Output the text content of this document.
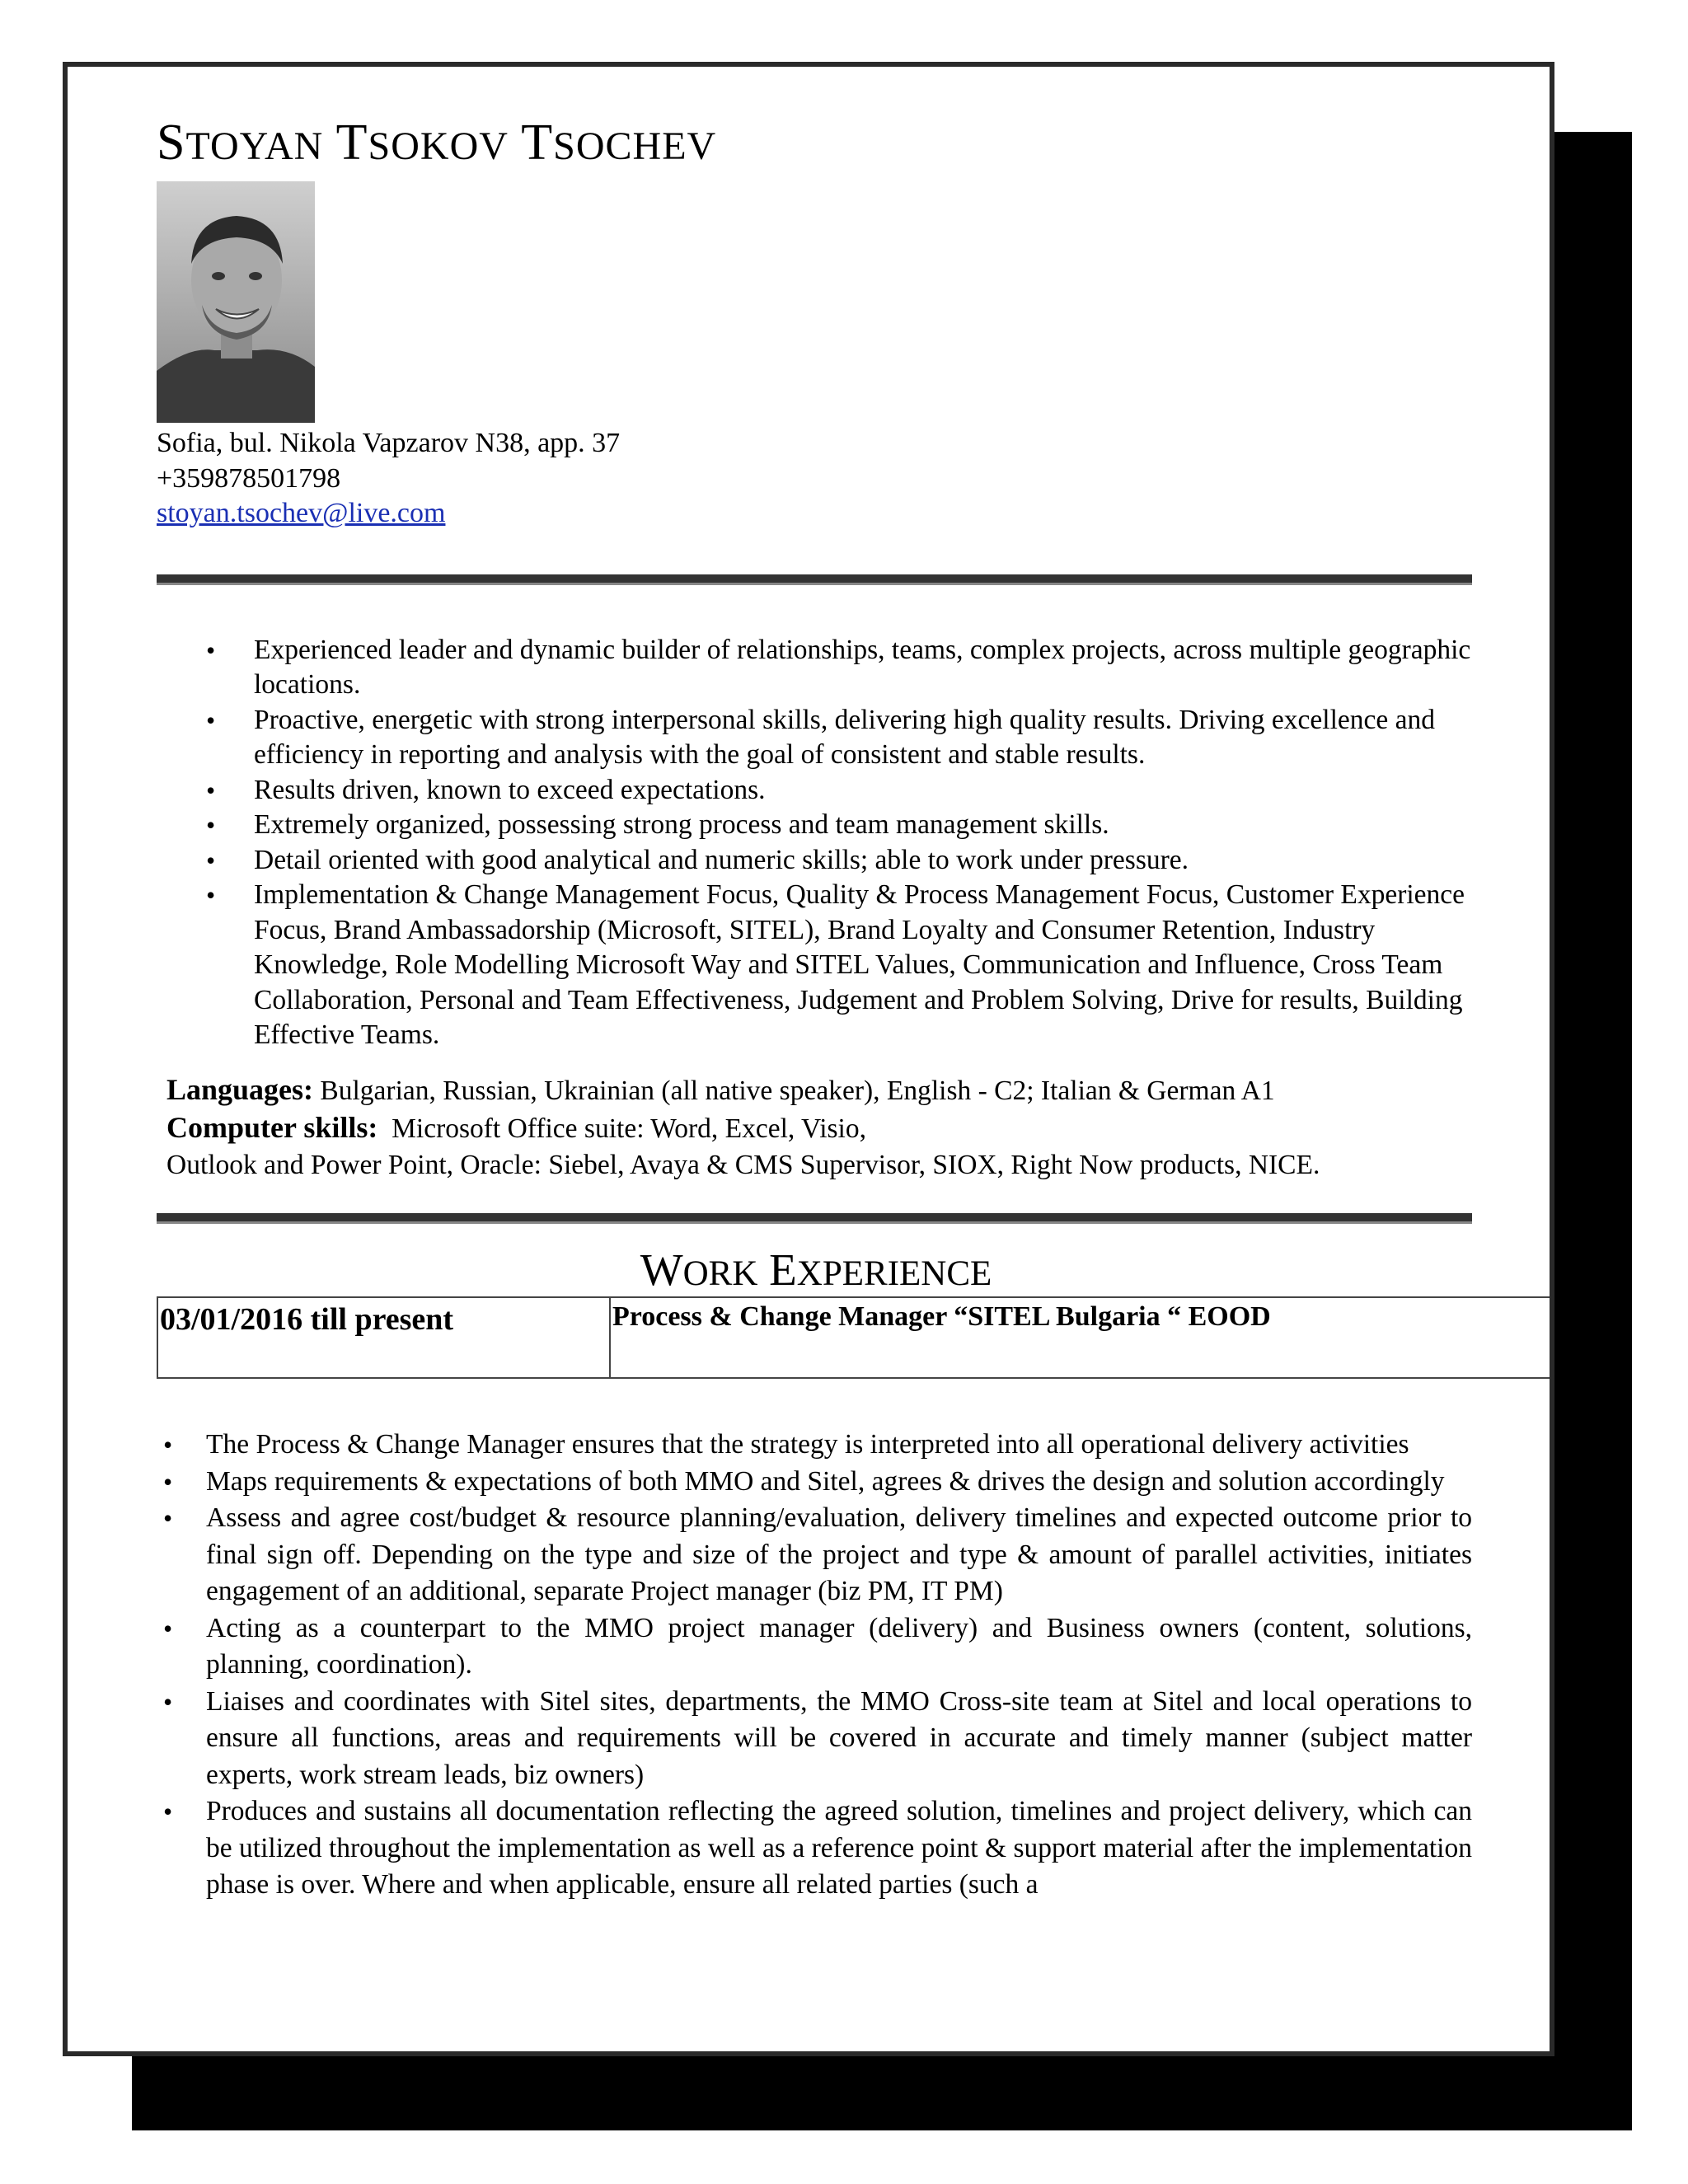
STOYAN TSOKOV TSOCHEV
Sofia, bul. Nikola Vapzarov N38, app. 37
+359878501798
stoyan.tsochev@live.com
• Experienced leader and dynamic builder of relationships, teams, complex projects, across multiple geographic locations.
• Proactive, energetic with strong interpersonal skills, delivering high quality results. Driving excellence and efficiency in reporting and analysis with the goal of consistent and stable results.
• Results driven, known to exceed expectations.
• Extremely organized, possessing strong process and team management skills.
• Detail oriented with good analytical and numeric skills; able to work under pressure.
• Implementation & Change Management Focus, Quality & Process Management Focus, Customer Experience Focus, Brand Ambassadorship (Microsoft, SITEL), Brand Loyalty and Consumer Retention, Industry Knowledge, Role Modelling Microsoft Way and SITEL Values, Communication and Influence, Cross Team Collaboration, Personal and Team Effectiveness, Judgement and Problem Solving, Drive for results, Building Effective Teams.
Languages: Bulgarian, Russian, Ukrainian (all native speaker), English - C2; Italian & German A1
Computer skills:  Microsoft Office suite: Word, Excel, Visio,
Outlook and Power Point, Oracle: Siebel, Avaya & CMS Supervisor, SIOX, Right Now products, NICE.
WORK EXPERIENCE
03/01/2016 till present	Process & Change Manager “SITEL Bulgaria “ EOOD
• The Process & Change Manager ensures that the strategy is interpreted into all operational delivery activities
• Maps requirements & expectations of both MMO and Sitel, agrees & drives the design and solution accordingly
• Assess and agree cost/budget & resource planning/evaluation, delivery timelines and expected outcome prior to final sign off. Depending on the type and size of the project and type & amount of parallel activities, initiates engagement of an additional, separate Project manager (biz PM, IT PM)
• Acting as a counterpart to the MMO project manager (delivery) and Business owners (content, solutions, planning, coordination).
• Liaises and coordinates with Sitel sites, departments, the MMO Cross-site team at Sitel and local operations to ensure all functions, areas and requirements will be covered in accurate and timely manner (subject matter experts, work stream leads, biz owners)
• Produces and sustains all documentation reflecting the agreed solution, timelines and project delivery, which can be utilized throughout the implementation as well as a reference point & support material after the implementation phase is over. Where and when applicable, ensure all related parties (such a
